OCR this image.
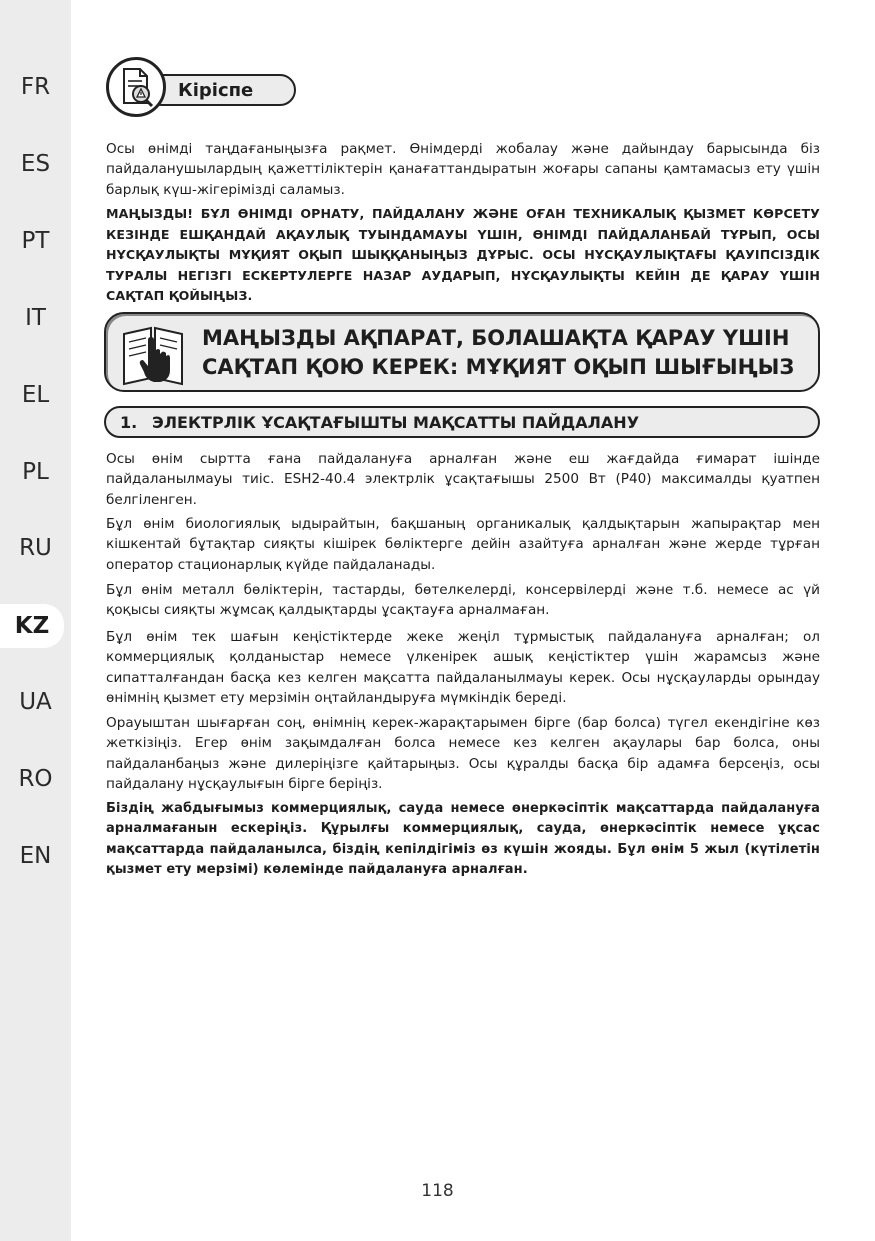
FR
ES
PT
IT
EL
PL
RU
KZ
UA
RO
EN
Кіріспе

Осы өнімді таңдағаныңызға рақмет. Өнімдерді жобалау және дайындау барысында біз пайдаланушылардың қажеттіліктерін қанағаттандыратын жоғары сапаны қамтамасыз ету үшін барлық күш-жігерімізді саламыз.

МАҢЫЗДЫ! БҰЛ ӨНІМДІ ОРНАТУ, ПАЙДАЛАНУ ЖӘНЕ ОҒАН ТЕХНИКАЛЫҚ ҚЫЗМЕТ КӨРСЕТУ КЕЗІНДЕ ЕШҚАНДАЙ АҚАУЛЫҚ ТУЫНДАМАУЫ ҮШІН, ӨНІМДІ ПАЙДАЛАНБАЙ ТҰРЫП, ОСЫ НҰСҚАУЛЫҚТЫ МҰҚИЯТ ОҚЫП ШЫҚҚАНЫҢЫЗ ДҰРЫС. ОСЫ НҰСҚАУЛЫҚТАҒЫ ҚАУІПСІЗДІК ТУРАЛЫ НЕГІЗГІ ЕСКЕРТУЛЕРГЕ НАЗАР АУДАРЫП, НҰСҚАУЛЫҚТЫ КЕЙІН ДЕ ҚАРАУ ҮШІН САҚТАП ҚОЙЫҢЫЗ.

МАҢЫЗДЫ АҚПАРАТ, БОЛАШАҚТА ҚАРАУ ҮШІН
САҚТАП ҚОЮ КЕРЕК: МҰҚИЯТ ОҚЫП ШЫҒЫҢЫЗ
1. ЭЛЕКТРЛІК ҰСАҚТАҒЫШТЫ МАҚСАТТЫ ПАЙДАЛАНУ

Осы өнім сыртта ғана пайдалануға арналған және еш жағдайда ғимарат ішінде пайдаланылмауы тиіс. ESH2-40.4 электрлік ұсақтағышы 2500 Вт (P40) максималды қуатпен белгіленген.

Бұл өнім биологиялық ыдырайтын, бақшаның органикалық қалдықтарын жапырақтар мен кішкентай бұтақтар сияқты кішірек бөліктерге дейін азайтуға арналған және жерде тұрған оператор стационарлық күйде пайдаланады.

Бұл өнім металл бөліктерін, тастарды, бөтелкелерді, консервілерді және т.б. немесе ас үй қоқысы сияқты жұмсақ қалдықтарды ұсақтауға арналмаған.

Бұл өнім тек шағын кеңістіктерде жеке жеңіл тұрмыстық пайдалануға арналған; ол коммерциялық қолданыстар немесе үлкенірек ашық кеңістіктер үшін жарамсыз және сипатталғандан басқа кез келген мақсатта пайдаланылмауы керек. Осы нұсқауларды орындау өнімнің қызмет ету мерзімін оңтайландыруға мүмкіндік береді.

Орауыштан шығарған соң, өнімнің керек-жарақтарымен бірге (бар болса) түгел екендігіне көз жеткізіңіз. Егер өнім зақымдалған болса немесе кез келген ақаулары бар болса, оны пайдаланбаңыз және дилеріңізге қайтарыңыз. Осы құралды басқа бір адамға берсеңіз, осы пайдалану нұсқаулығын бірге беріңіз.

Біздің жабдығымыз коммерциялық, сауда немесе өнеркәсіптік мақсаттарда пайдалануға арналмағанын ескеріңіз. Құрылғы коммерциялық, сауда, өнеркәсіптік немесе ұқсас мақсаттарда пайдаланылса, біздің кепілдігіміз өз күшін жояды. Бұл өнім 5 жыл (күтілетін қызмет ету мерзімі) көлемінде пайдалануға арналған.

118
